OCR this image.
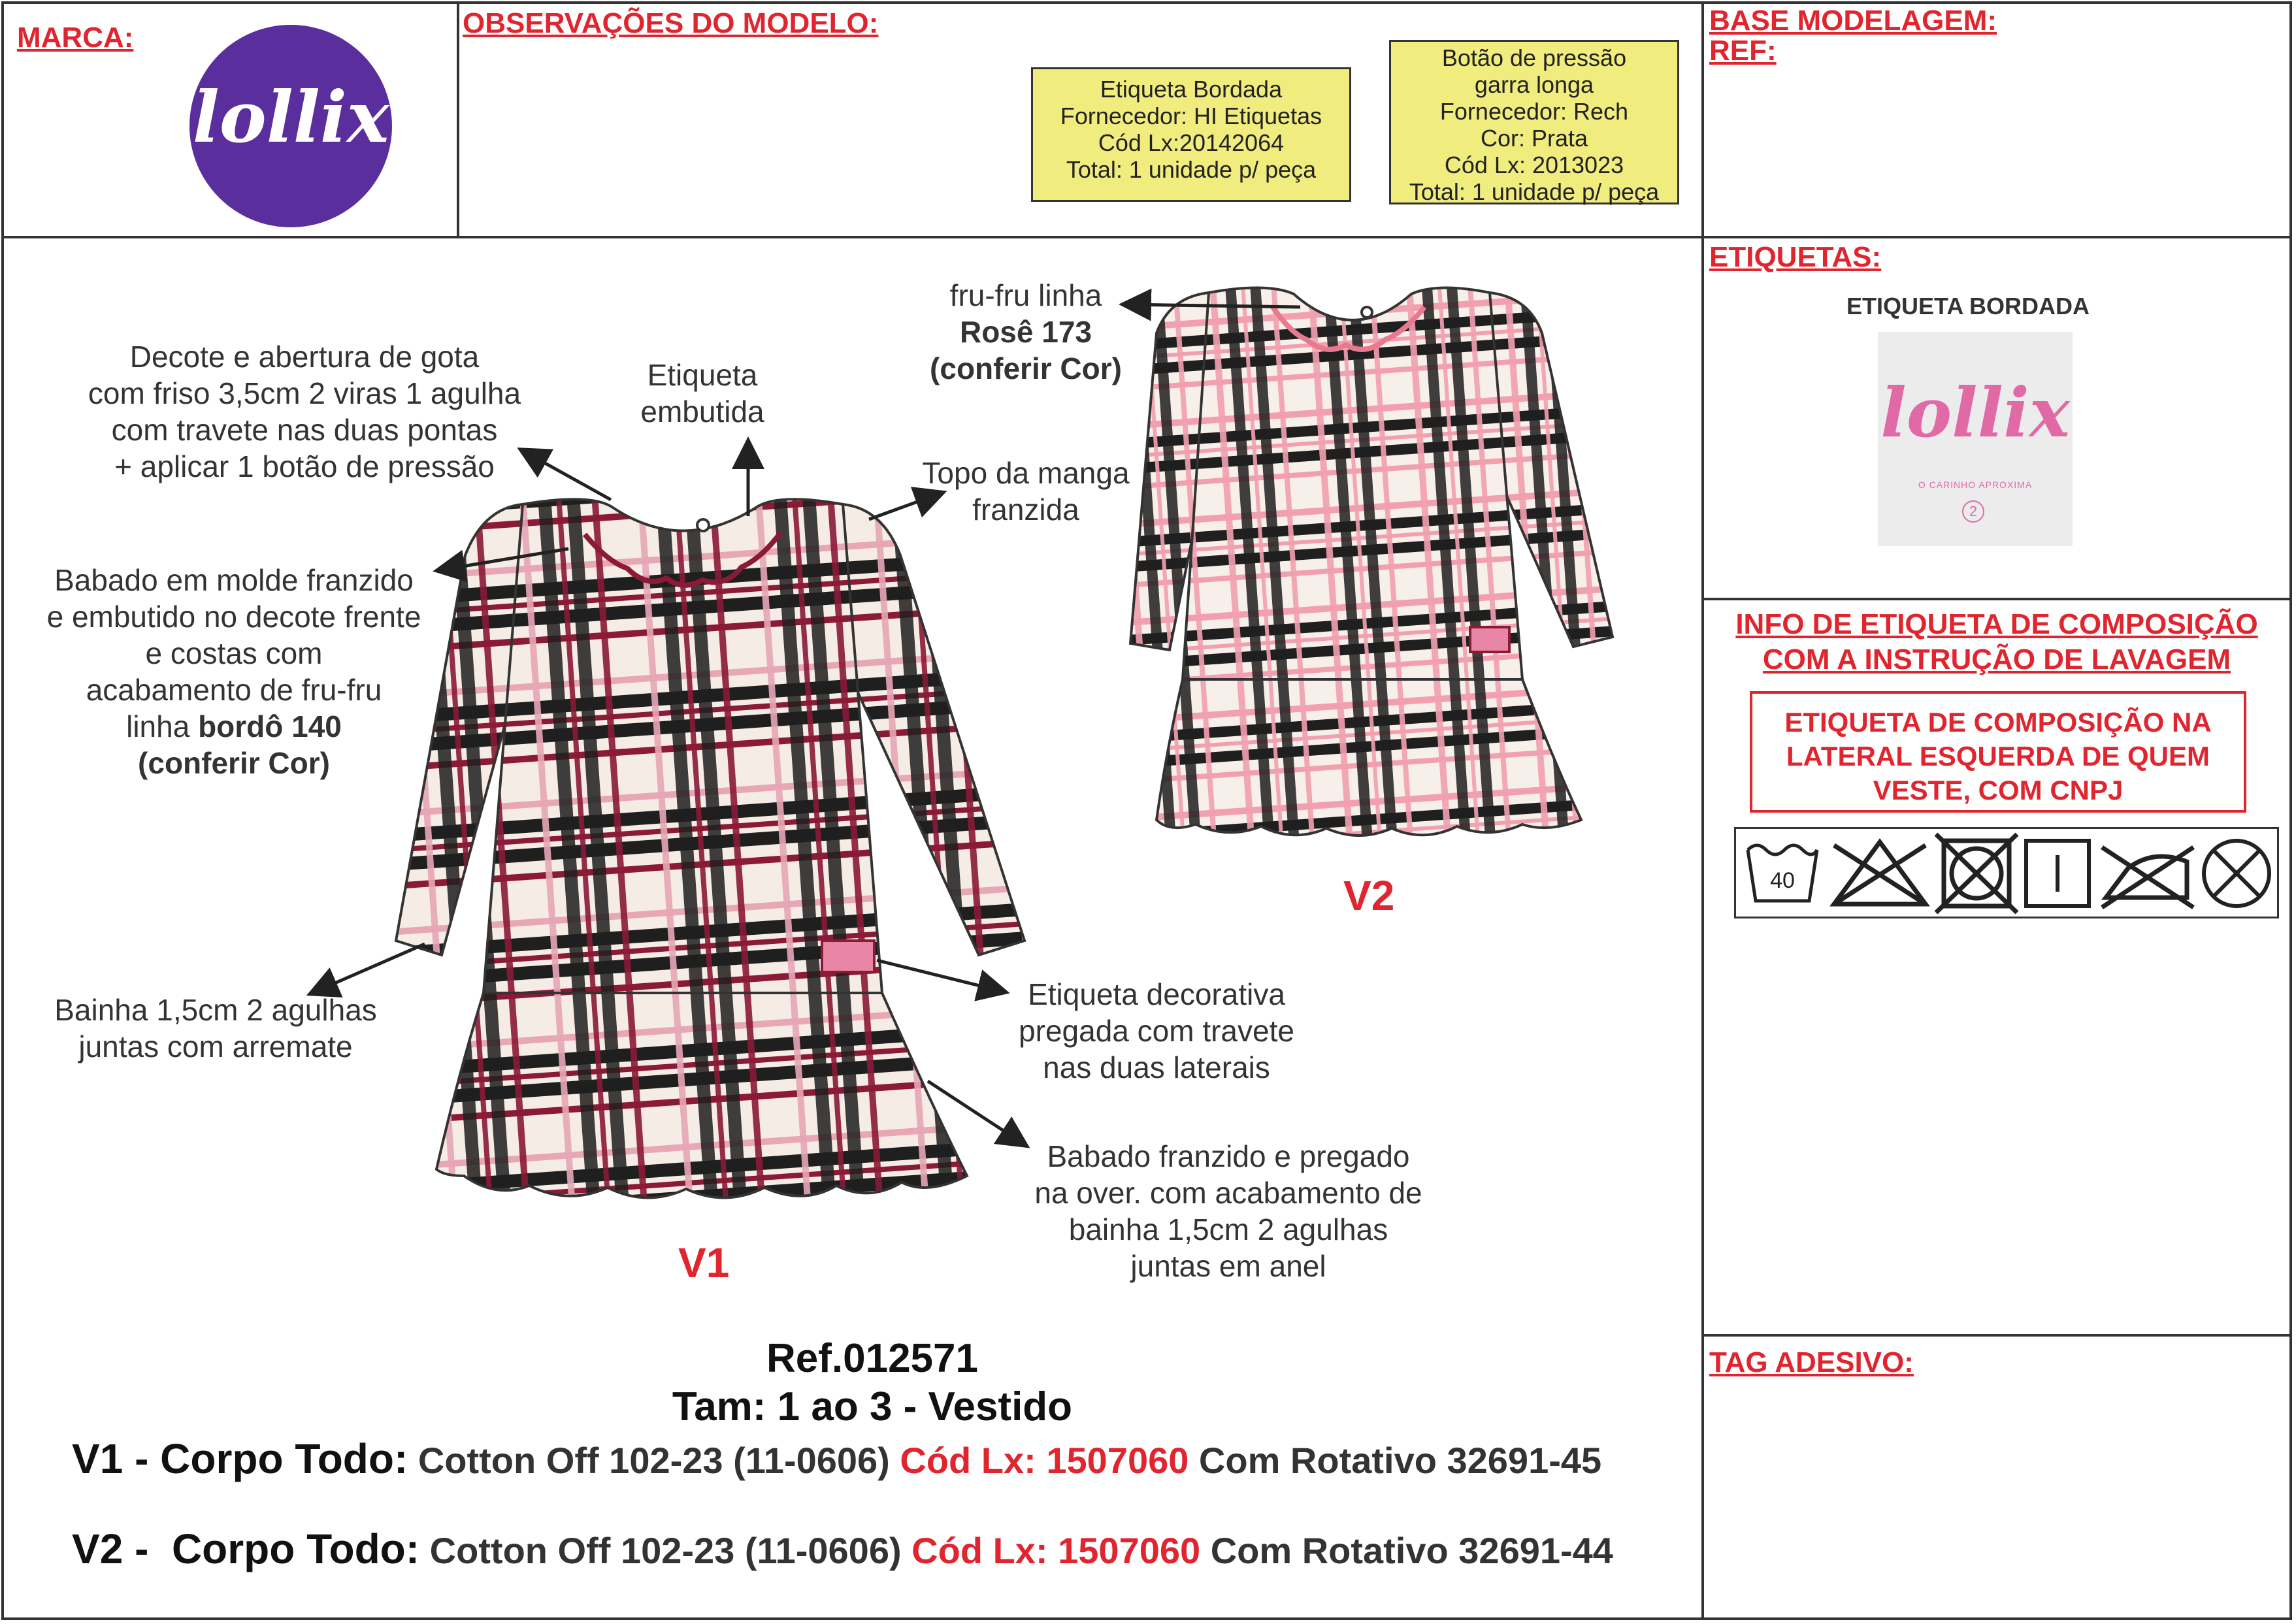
MARCA:
lollix
OBSERVAÇÕES DO MODELO:	BASE MODELAGEM:
REF:
Etiqueta Bordada
Fornecedor: HI Etiquetas
Cód Lx:20142064
Total: 1 unidade p/ peça
Botão de pressão
garra longa
Fornecedor: Rech
Cor: Prata
Cód Lx: 2013023
Total: 1 unidade p/ peça
ETIQUETAS:
ETIQUETA BORDADA
lollix
O CARINHO APROXIMA
2
INFO DE ETIQUETA DE COMPOSIÇÃO
COM A INSTRUÇÃO DE LAVAGEM
ETIQUETA DE COMPOSIÇÃO NA
LATERAL ESQUERDA DE QUEM
VESTE, COM CNPJ
40
TAG ADESIVO:
Decote e abertura de gota
com friso 3,5cm 2 viras 1 agulha
com travete nas duas pontas
+ aplicar 1 botão de pressão
Etiqueta
embutida
Topo da manga
franzida
Babado em molde franzido
e embutido no decote frente
e costas com
acabamento de fru-fru
linha bordô 140
(conferir Cor)
Bainha 1,5cm 2 agulhas
juntas com arremate
Etiqueta decorativa
pregada com travete
nas duas laterais
Babado franzido e pregado
na over. com acabamento de
bainha 1,5cm 2 agulhas
juntas em anel
fru-fru linha
Rosê 173
(conferir Cor)
V1
V2
Ref.012571
Tam: 1 ao 3 - Vestido
V1 - Corpo Todo: Cotton Off 102-23 (11-0606) Cód Lx: 1507060 Com Rotativo 32691-45
V2 -  Corpo Todo: Cotton Off 102-23 (11-0606) Cód Lx: 1507060 Com Rotativo 32691-44
